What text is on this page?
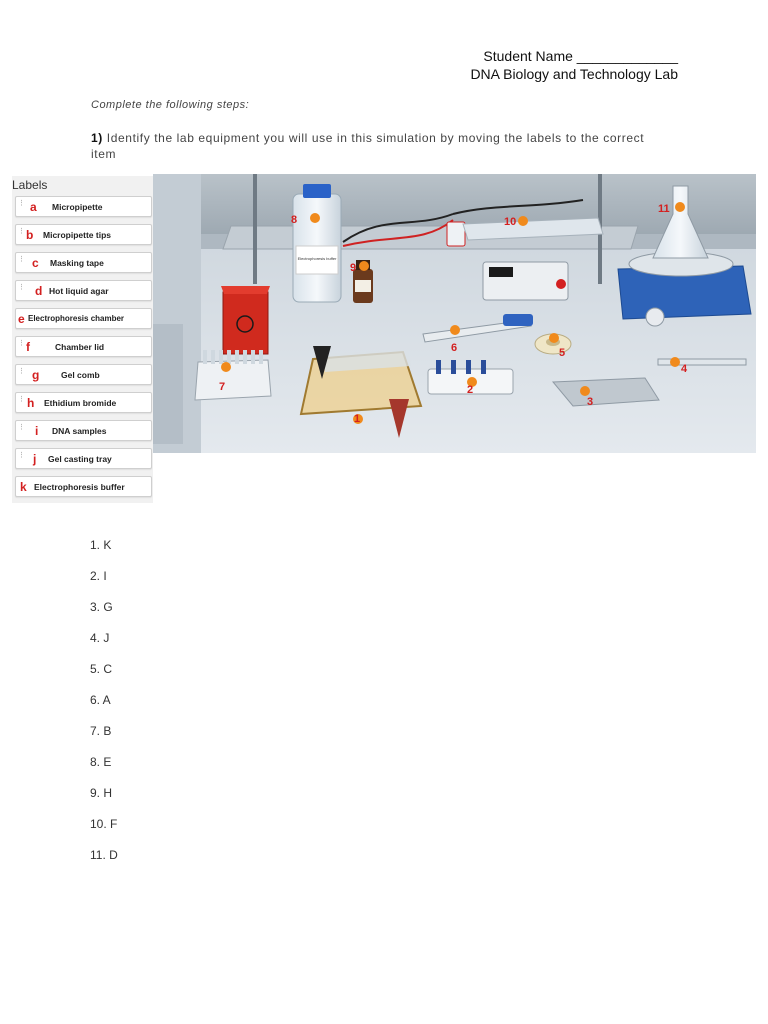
Student Name _____________
DNA Biology and Technology Lab
Complete the following steps:
1) Identify the lab equipment you will use in this simulation by moving the labels to the correct item
Labels
⋮ a Micropipette
⋮ b Micropipette tips
⋮ c Masking tape
⋮ d Hot liquid agar
e Electrophoresis chamber
⋮ f	Chamber lid
⋮ g	Gel comb
⋮ h Ethidium bromide
⋮ i DNA samples
⋮ j Gel casting tray
k Electrophoresis buffer
Electrophoresis buffer
1
2
3
4
5
6
7
8
9
10
11
1. K
2. I
3. G
4. J
5. C
6. A
7. B
8. E
9. H
10. F
11. D
